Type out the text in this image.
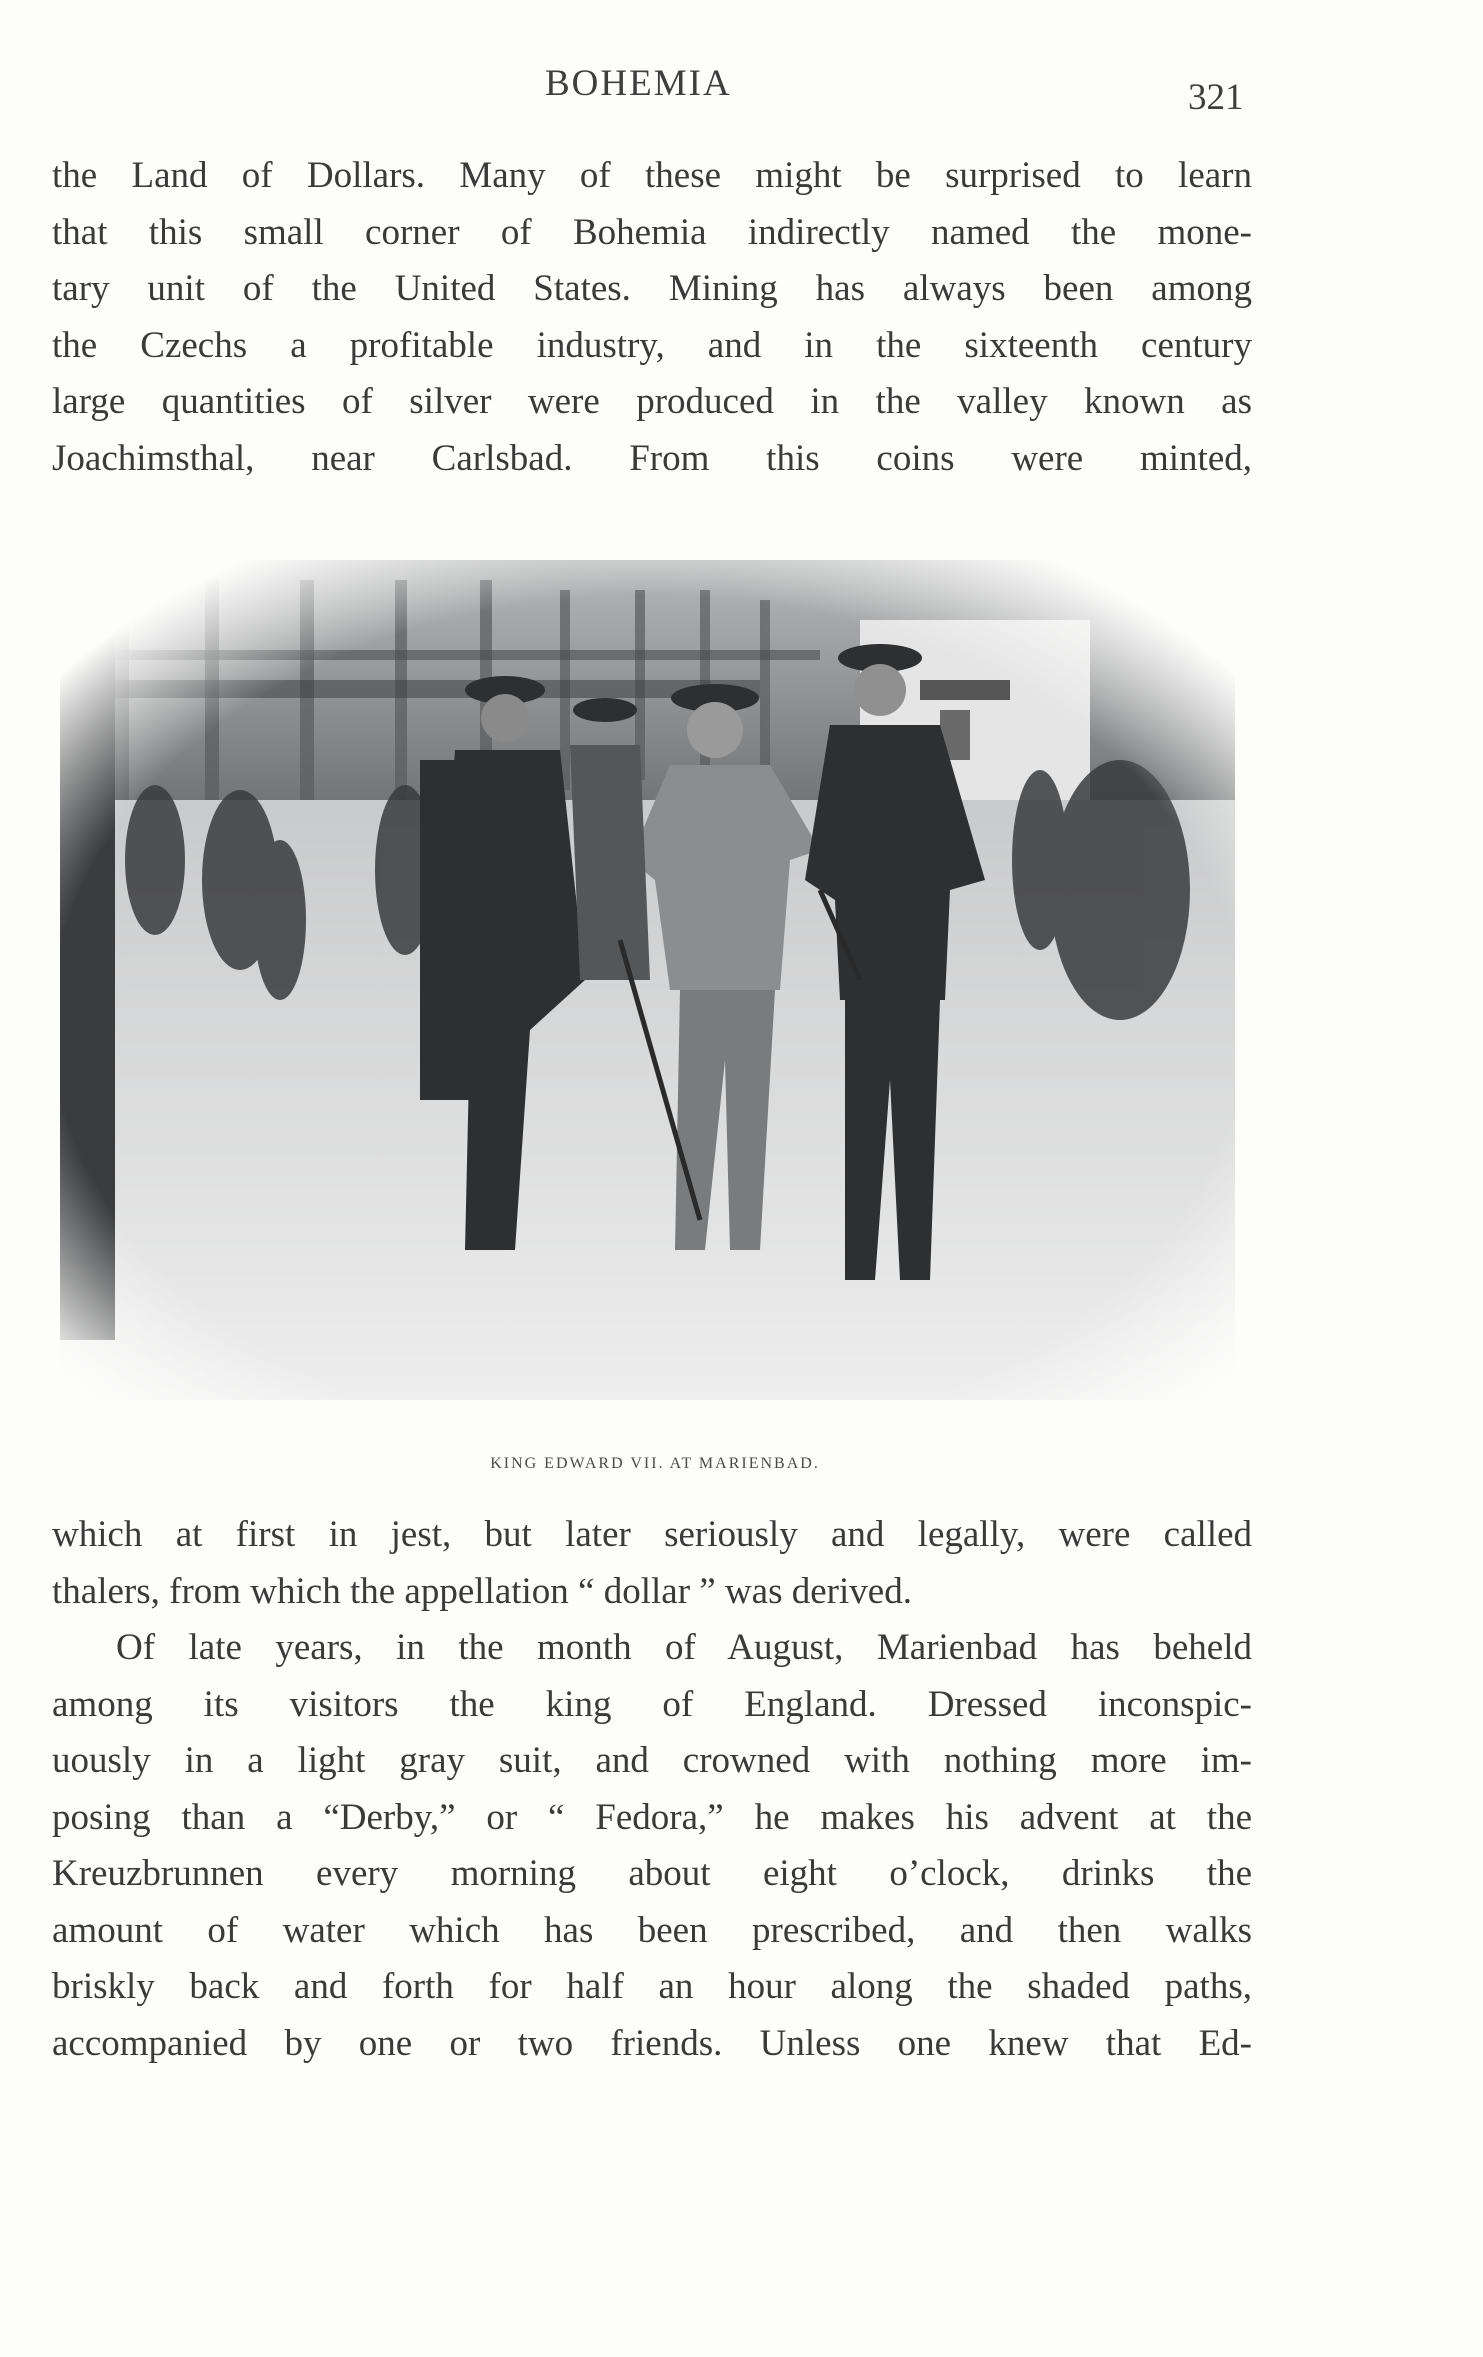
BOHEMIA	321

the Land of Dollars. Many of these might be surprised to learn
that this small corner of Bohemia indirectly named the mone-
tary unit of the United States. Mining has always been among
the Czechs a profitable industry, and in the sixteenth century
large quantities of silver were produced in the valley known as
Joachimsthal, near Carlsbad. From this coins were minted,

KING EDWARD VII. AT MARIENBAD.

which at first in jest, but later seriously and legally, were called
thalers, from which the appellation “ dollar ” was derived.

Of late years, in the month of August, Marienbad has beheld
among its visitors the king of England. Dressed inconspic-
uously in a light gray suit, and crowned with nothing more im-
posing than a “Derby,” or “ Fedora,” he makes his advent at the
Kreuzbrunnen every morning about eight o’clock, drinks the
amount of water which has been prescribed, and then walks
briskly back and forth for half an hour along the shaded paths,
accompanied by one or two friends. Unless one knew that Ed-
